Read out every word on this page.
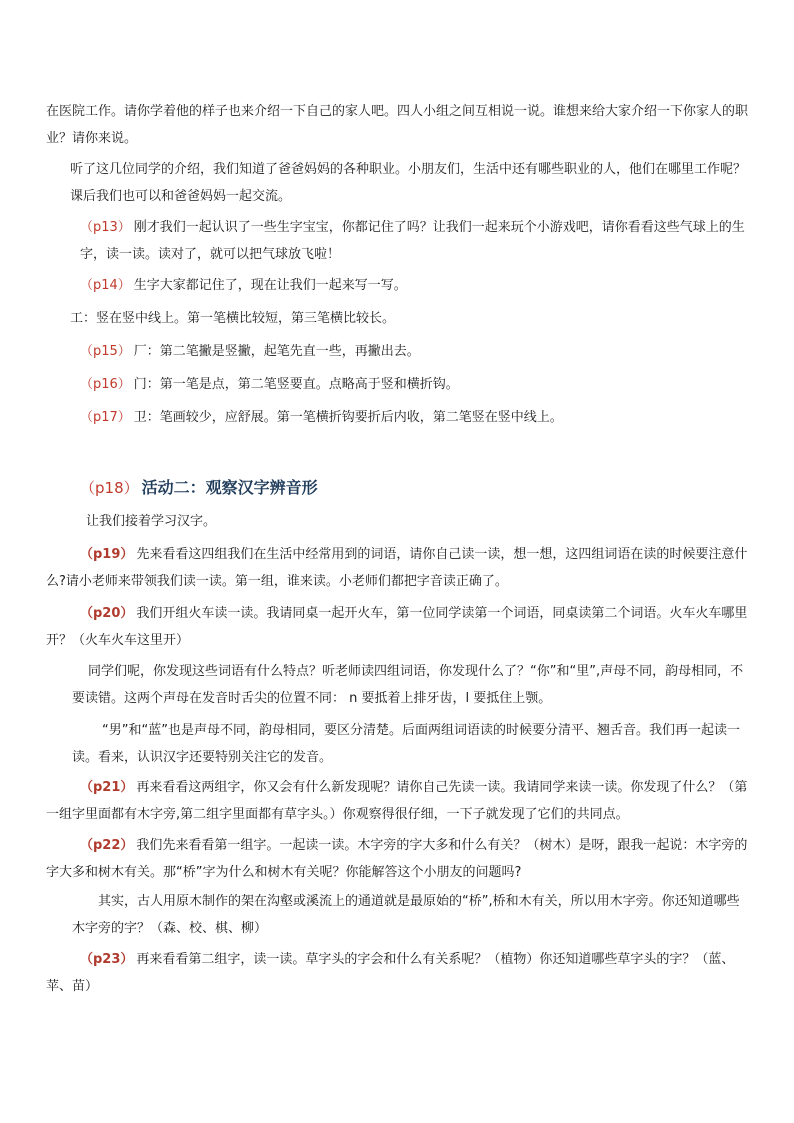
在医院工作。请你学着他的样子也来介绍一下自己的家人吧。四人小组之间互相说一说。谁想来给大家介绍一下你家人的职业？请你来说。

听了这几位同学的介绍，我们知道了爸爸妈妈的各种职业。小朋友们，生活中还有哪些职业的人，他们在哪里工作呢？课后我们也可以和爸爸妈妈一起交流。

（p13） 刚才我们一起认识了一些生字宝宝，你都记住了吗？让我们一起来玩个小游戏吧，请你看看这些气球上的生字，读一读。读对了，就可以把气球放飞啦！

（p14） 生字大家都记住了，现在让我们一起来写一写。

工：竖在竖中线上。第一笔横比较短，第三笔横比较长。

（p15） 厂：第二笔撇是竖撇，起笔先直一些，再撇出去。

（p16） 门：第一笔是点，第二笔竖要直。点略高于竖和横折钩。

（p17） 卫：笔画较少，应舒展。第一笔横折钩要折后内收，第二笔竖在竖中线上。

（p18） 活动二：观察汉字辨音形

让我们接着学习汉字。

（p19） 先来看看这四组我们在生活中经常用到的词语，请你自己读一读，想一想，这四组词语在读的时候要注意什么?请小老师来带领我们读一读。第一组，谁来读。小老师们都把字音读正确了。

（p20） 我们开组火车读一读。我请同桌一起开火车，第一位同学读第一个词语，同桌读第二个词语。火车火车哪里开？（火车火车这里开）

同学们呢，你发现这些词语有什么特点？听老师读四组词语，你发现什么了？“你”和“里”,声母不同，韵母相同，不要读错。这两个声母在发音时舌尖的位置不同： n 要抵着上排牙齿，l 要抵住上颚。

“男”和“蓝”也是声母不同，韵母相同，要区分清楚。后面两组词语读的时候要分清平、翘舌音。我们再一起读一读。看来，认识汉字还要特别关注它的发音。

（p21） 再来看看这两组字，你又会有什么新发现呢？请你自己先读一读。我请同学来读一读。你发现了什么？（第一组字里面都有木字旁,第二组字里面都有草字头。）你观察得很仔细，一下子就发现了它们的共同点。

（p22） 我们先来看看第一组字。一起读一读。木字旁的字大多和什么有关？（树木）是呀，跟我一起说：木字旁的字大多和树木有关。那“桥”字为什么和树木有关呢？你能解答这个小朋友的问题吗?

其实，古人用原木制作的架在沟壑或溪流上的通道就是最原始的“桥”,桥和木有关，所以用木字旁。你还知道哪些木字旁的字？（森、校、棋、柳）

（p23） 再来看看第二组字，读一读。草字头的字会和什么有关系呢？（植物）你还知道哪些草字头的字？（蓝、苹、苗）
